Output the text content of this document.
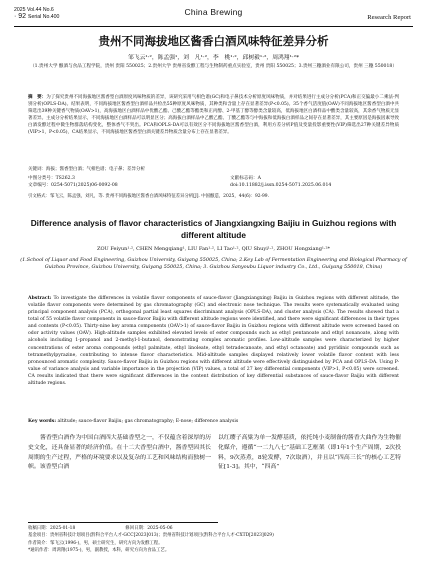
2025 Vol.44 No.6
Serial No.400
· 92 ·	China Brewing
Research Report
贵州不同海拔地区酱香白酒风味特征差异分析
邹飞云¹·²，陈孟强¹，刘　凡¹·²，李　桃¹·²，邱树毅¹·²，周鸿翔¹·²*
（1.贵州大学 酿酒与食品工程学院，贵州 贵阳 550025；2.贵州大学 贵州省发酵工程与生物制药重点实验室，贵州 贵阳 550025；3.贵州三穗酒业有限公司，贵州 三穗 550018）
摘　要：为了探究贵州不同海拔地区酱香型白酒原度风味物质的差异，该研究采用气相色谱(GC)和电子鼻技术分析原度风味物质，并对结果进行主成分分析(PCA)和正交偏最小二乘法-判别分析(OPLS-DA)。结果表明，不同海拔地区酱香型白酒样品共检出55种原度风味物质，其种类和含量上存在显著差异(P<0.05)。35个香气活度值(OAV)不同海拔地区酱香型白酒中共筛选出39种关键香气物质(OAV>1)，高海拔地区白酒样品中优酸乙酯、己酸乙酯等酯类和正丙醇、2-甲基丁醇等醇类含量较高，低海拔地区白酒样品中酸类含量较高，其余香气物质无显著差异。主成分分析结果显示，不同海拔地区白酒样品可以明显区分；高海拔白酒样品中乙酸乙酯、丁酸乙酯等与中海拔和低海拔白酒样品之间存在显著差异，其主要原因是海拔因素导致白酒发酵过程中微生物群落结构变化，整体香气不突出。PCA和OPLS-DA可以有效区分不同海拔地区酱香型白酒，利用方差分析P值及变量投影重要性(VIP)筛选出27种关键差异物质(VIP>1，P<0.05)，CA结果显示，不同海拔地区酱香型白酒关键差异物质含量分布上存在显著差异。
关键词：海拔；酱香型白酒；气相色谱；电子鼻；差异分析
中图分类号：TS262.3
文章编号：0254-5071(2025)06-0092-08
文献标志码：A
doi:10.11882/j.issn.0254-5071.2025.06.014
引文格式：邹飞云，陈孟强，刘凡，等. 贵州不同海拔地区酱香白酒风味特征差异分析[J]. 中国酿造，2025，44(6)：92-99.
Difference analysis of flavor characteristics of Jiangxiangxing Baijiu in Guizhou regions with different altitude
ZOU Feiyun¹·², CHEN Mengqiang¹, LIU Fan¹·², LI Tao¹·², QIU Shuyi¹·², ZHOU Hongxiang¹·²*
(1.School of Liquor and Food Engineering, Guizhou University, Guiyang 550025, China; 2.Key Lab of Fermentation Engineering and Biological Pharmacy of Guizhou Province, Guizhou University, Guiyang 550025, China; 3. Guizhou Sanyoubu Liquor industry Co., Ltd., Guiyang 550018, China)
Abstract: To investigate the differences in volatile flavor components of sauce-flavor (Jiangxiangxing) Baijiu in Guizhou regions with different altitude, the volatile flavor components were determined by gas chromatography (GC) and electronic nose technique. The results were systematically evaluated using principal component analysis (PCA), orthogonal partial least squares discriminant analysis (OPLS-DA), and cluster analysis (CA). The results showed that a total of 55 volatile flavor components in sauce-flavor Baijiu with different altitude regions were identified, and there were significant differences in their types and contents (P<0.05). Thirty-nine key aroma components (OAV>1) of sauce-flavor Baijiu in Guizhou regions with different altitude were screened based on odor activity values (OAV). High-altitude samples exhibited elevated levels of ester compounds such as ethyl pentanoate and ethyl nonanoate, along with alcohols including 1-propanol and 2-methyl-1-butanol, demonstrating complex aromatic profiles. Low-altitude samples were characterized by higher concentrations of ester aroma compounds (ethyl palmitate, ethyl linoleate, ethyl tetradecanoate, and ethyl octanoate) and pyridinic compounds such as tetramethylpyrazine, contributing to intense flavor characteristics. Mid-altitude samples displayed relatively lower volatile flavor content with less pronounced aromatic complexity. Sauce-flavor Baijiu in Guizhou regions with different altitude were effectively distinguished by PCA and OPLS-DA. Using P-value of variance analysis and variable importance in the projection (VIP) values, a total of 27 key differential components (VIP>1, P<0.05) were screened. CA results indicated that there were significant differences in the content distribution of key differential substances of sauce-flavor Baijiu with different altitude regions.
Key words: altitude; sauce-flavor Baijiu; gas chromatography; E-nose; difference analysis
酱香型白酒作为中国白酒四大基础香型之一，不仅蕴含着深厚的历史文化，还具备显著的经济价值。在十二大香型白酒中，酱香型因其长周期的生产过程，严格的环境要求以及复杂的工艺和风味结构而独树一帜。该香型白酒
以红缨子高粱为单一发酵基质，依托纯小麦制备的酱香大曲作为生物催化媒介，遵循“一二九八七”基础工艺框架（即1年1个生产周期，2次投料，9次蒸煮，8轮发酵，7次取酒），并且以“四高三长”的核心工艺特征[1-3]。其中，“四高”
收稿日期：2025-01-18	修回日期：2025-05-06
基金项目：贵州省科技计划项目(黔科合平台人才-GCC[2023]013)；贵州省科技计划项目(黔科合平台人才-CXTD[2023]029)
作者简介：邹飞云(1996-)，男，硕士研究生，研究方向为发酵工程。
*通讯作者：周鸿翔(1975-)，男，副教授，本科，研究方向为食品工艺。
